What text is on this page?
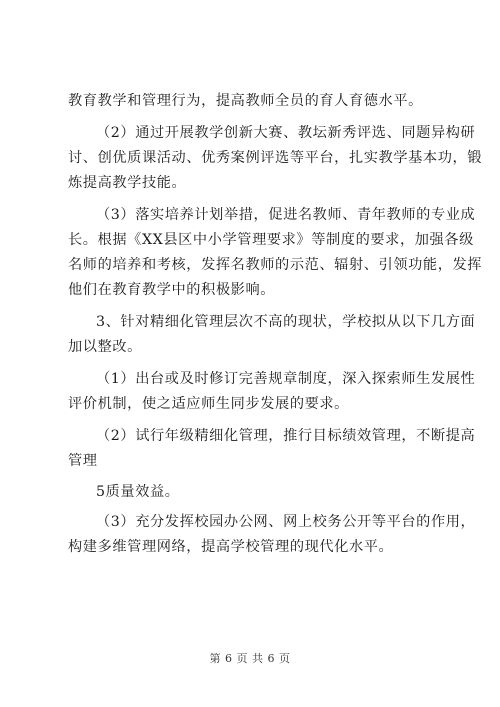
教育教学和管理行为，提高教师全员的育人育德水平。
（2）通过开展教学创新大赛、教坛新秀评选、同题异构研
讨、创优质课活动、优秀案例评选等平台，扎实教学基本功，锻
炼提高教学技能。
（3）落实培养计划举措，促进名教师、青年教师的专业成
长。根据《XX县区中小学管理要求》等制度的要求，加强各级
名师的培养和考核，发挥名教师的示范、辐射、引领功能，发挥
他们在教育教学中的积极影响。
3、针对精细化管理层次不高的现状，学校拟从以下几方面
加以整改。
（1）出台或及时修订完善规章制度，深入探索师生发展性
评价机制，使之适应师生同步发展的要求。
（2）试行年级精细化管理，推行目标绩效管理，不断提高
管理
5质量效益。
（3）充分发挥校园办公网、网上校务公开等平台的作用，
构建多维管理网络，提高学校管理的现代化水平。
第 6 页 共 6 页
